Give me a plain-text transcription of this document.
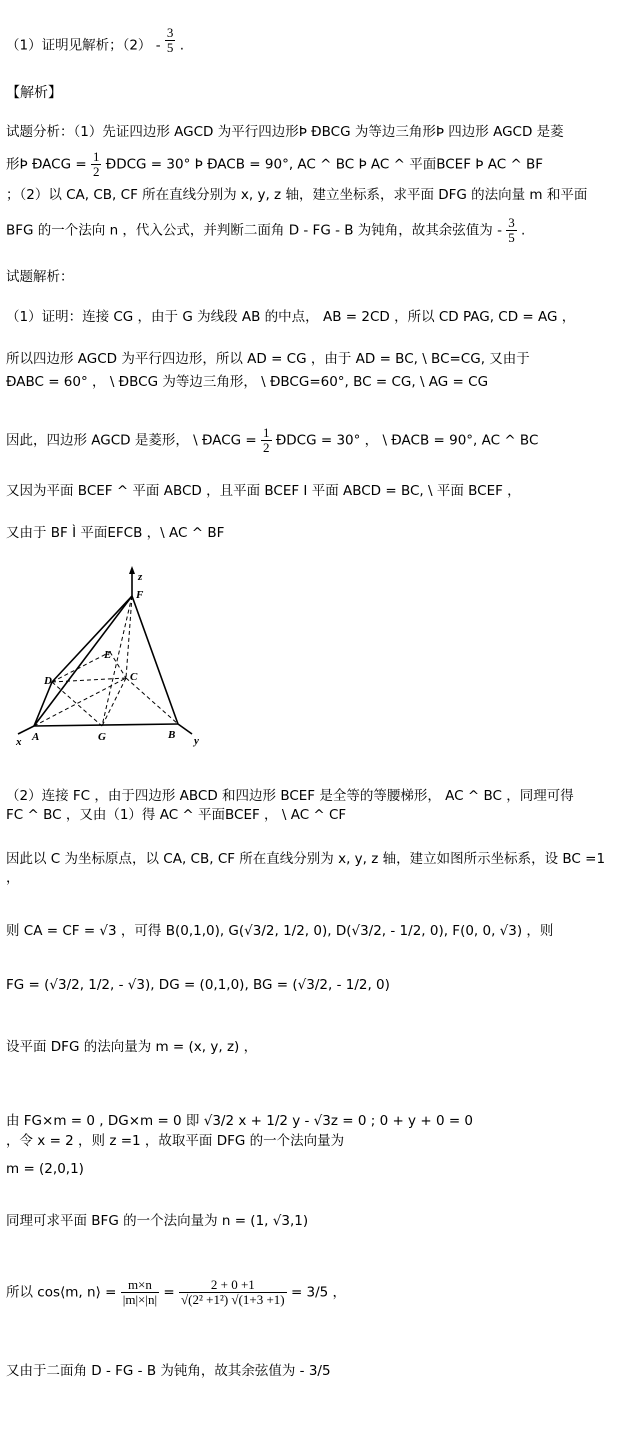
（1）证明见解析；$(2) - \frac{3}{5}$ .
【解析】
试题分析：（1）先证四边形 AGCD 为平行四边形Þ ÐBCG 为等边三角形Þ 四边形 AGCD 是菱
形Þ ÐACG = $\frac{1}{2}$ ÐDCG = 30° Þ ÐACB = 90°, AC ^ BC Þ AC ^ 平面BCEF Þ AC ^ BF
；（2）以 CA, CB, CF 所在直线分别为 x, y, z 轴，建立坐标系，求平面 DFG 的法向量 m 和平面
BFG 的一个法向 n ，代入公式，并判断二面角 D - FG - B 为钝角，故其余弦值为 - $\frac{3}{5}$ .
试题解析：
（1）证明：连接 CG ，由于 G 为线段 AB 的中点， AB = 2CD ，所以 CD PAG, CD = AG ，
所以四边形 AGCD 为平行四边形，所以 AD = CG ，由于 AD = BC, \ BC=CG, 又由于
ÐABC = 60° ， \ ÐBCG 为等边三角形， \ ÐBCG=60°, BC = CG, \ AG = CG
因此，四边形 AGCD 是菱形， \ ÐACG = $\frac{1}{2}$ ÐDCG = 30° ， \ ÐACB = 90°, AC ^ BC
又因为平面 BCEF ^ 平面 ABCD ，且平面 BCEF I 平面 ABCD = BC, \ 平面 BCEF ，
又由于 BF Ì 平面EFCB ，\ AC ^ BF
z
F
E
D	C
x A	G	B y
（2）连接 FC ，由于四边形 ABCD 和四边形 BCEF 是全等的等腰梯形， AC ^ BC ，同理可得
FC ^ BC ，又由（1）得 AC ^ 平面BCEF ， \ AC ^ CF
因此以 C 为坐标原点，以 CA, CB, CF 所在直线分别为 x, y, z 轴，建立如图所示坐标系，设 BC =1
，
则 CA = CF = √3 ，可得 B(0,1,0), G(√3/2, 1/2, 0), D(√3/2, - 1/2, 0), F(0, 0, √3) ，则
FG = (√3/2, 1/2, - √3), DG = (0,1,0), BG = (√3/2, - 1/2, 0)
设平面 DFG 的法向量为 m = (x, y, z) ，
由 FG×m = 0 , DG×m = 0 即 √3/2 x + 1/2 y - √3z = 0 ; 0 + y + 0 = 0
，令 x = 2 ，则 z =1 ，故取平面 DFG 的一个法向量为
m = (2,0,1)
同理可求平面 BFG 的一个法向量为 n = (1, √3,1)
所以 cos⟨m, n⟩ = $\frac{m\times n}{|m|\times|n|} = \frac{2 + 0 +1}{\text{√(2² +1²) √(1+3 +1)}} = 3/5$ ，
又由于二面角 D - FG - B 为钝角，故其余弦值为 - 3/5
